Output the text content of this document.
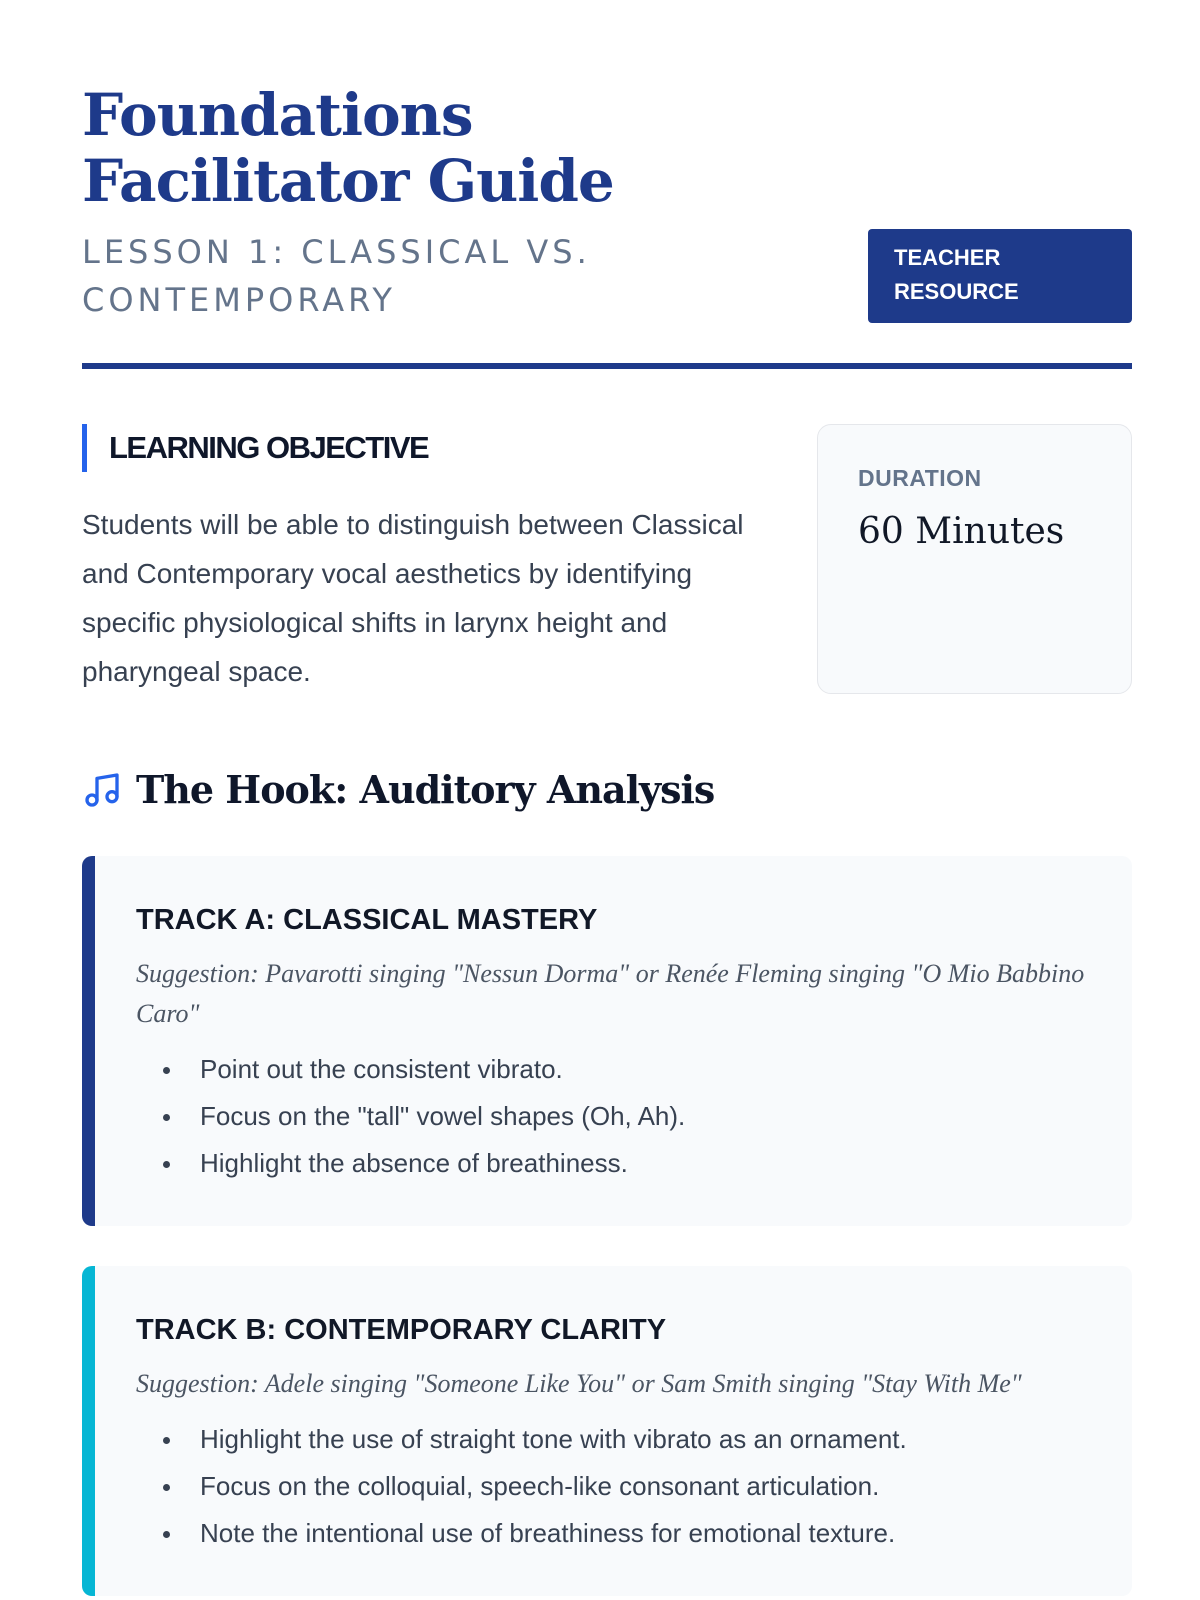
Foundations Facilitator Guide
LESSON 1: CLASSICAL VS. CONTEMPORARY
TEACHER RESOURCE
LEARNING OBJECTIVE

Students will be able to distinguish between Classical and Contemporary vocal aesthetics by identifying specific physiological shifts in larynx height and pharyngeal space.

DURATION
60 Minutes
The Hook: Auditory Analysis
TRACK A: CLASSICAL MASTERY

Suggestion: Pavarotti singing "Nessun Dorma" or Renée Fleming singing "O Mio Babbino Caro"

Point out the consistent vibrato.
Focus on the "tall" vowel shapes (Oh, Ah).
Highlight the absence of breathiness.
TRACK B: CONTEMPORARY CLARITY

Suggestion: Adele singing "Someone Like You" or Sam Smith singing "Stay With Me"

Highlight the use of straight tone with vibrato as an ornament.
Focus on the colloquial, speech-like consonant articulation.
Note the intentional use of breathiness for emotional texture.
